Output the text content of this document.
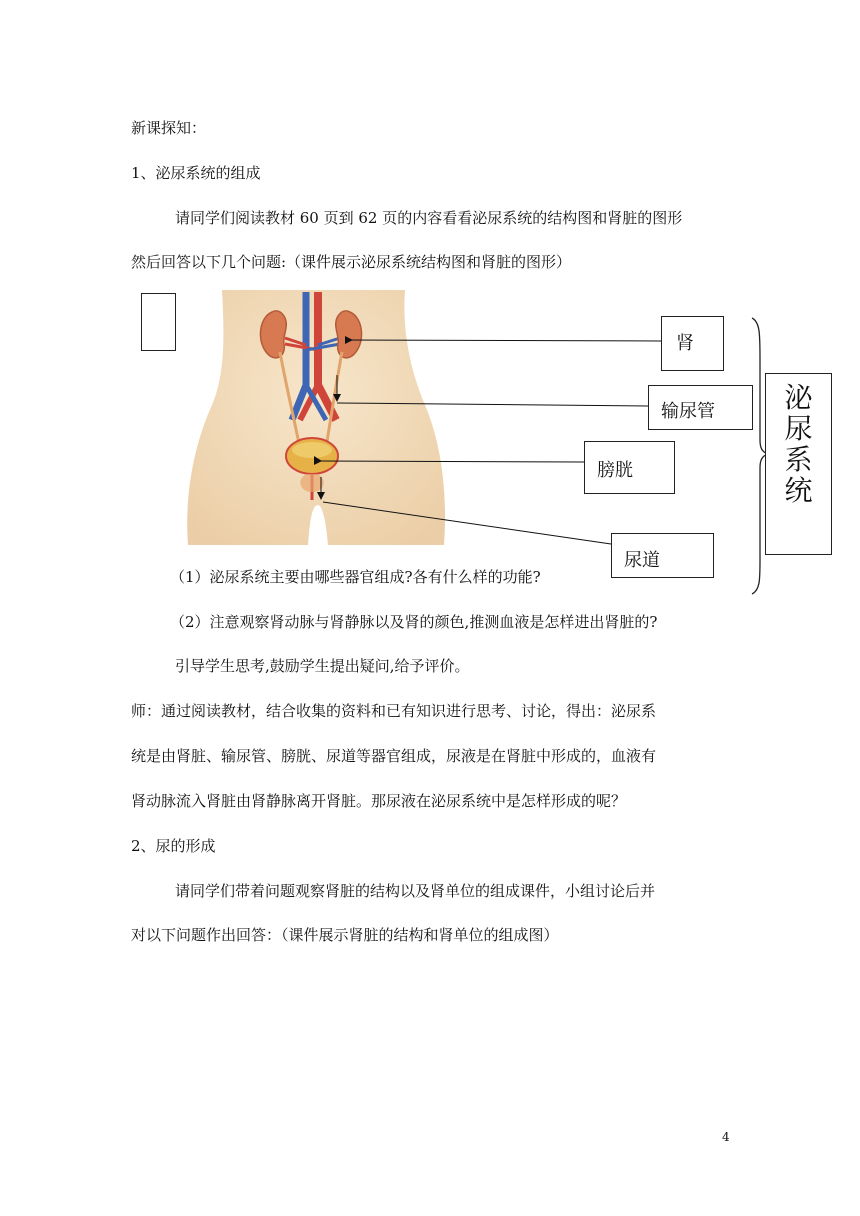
新课探知：
1、泌尿系统的组成
请同学们阅读教材 60 页到 62 页的内容看看泌尿系统的结构图和肾脏的图形
然后回答以下几个问题:（课件展示泌尿系统结构图和肾脏的图形）
肾
输尿管
膀胱
尿道
泌
尿
系
统
（1）泌尿系统主要由哪些器官组成?各有什么样的功能?
（2）注意观察肾动脉与肾静脉以及肾的颜色,推测血液是怎样进出肾脏的?
引导学生思考,鼓励学生提出疑问,给予评价。
师：通过阅读教材，结合收集的资料和已有知识进行思考、讨论，得出：泌尿系
统是由肾脏、输尿管、膀胱、尿道等器官组成，尿液是在肾脏中形成的，血液有
肾动脉流入肾脏由肾静脉离开肾脏。那尿液在泌尿系统中是怎样形成的呢？
2、尿的形成
请同学们带着问题观察肾脏的结构以及肾单位的组成课件，小组讨论后并
对以下问题作出回答：（课件展示肾脏的结构和肾单位的组成图）
4
